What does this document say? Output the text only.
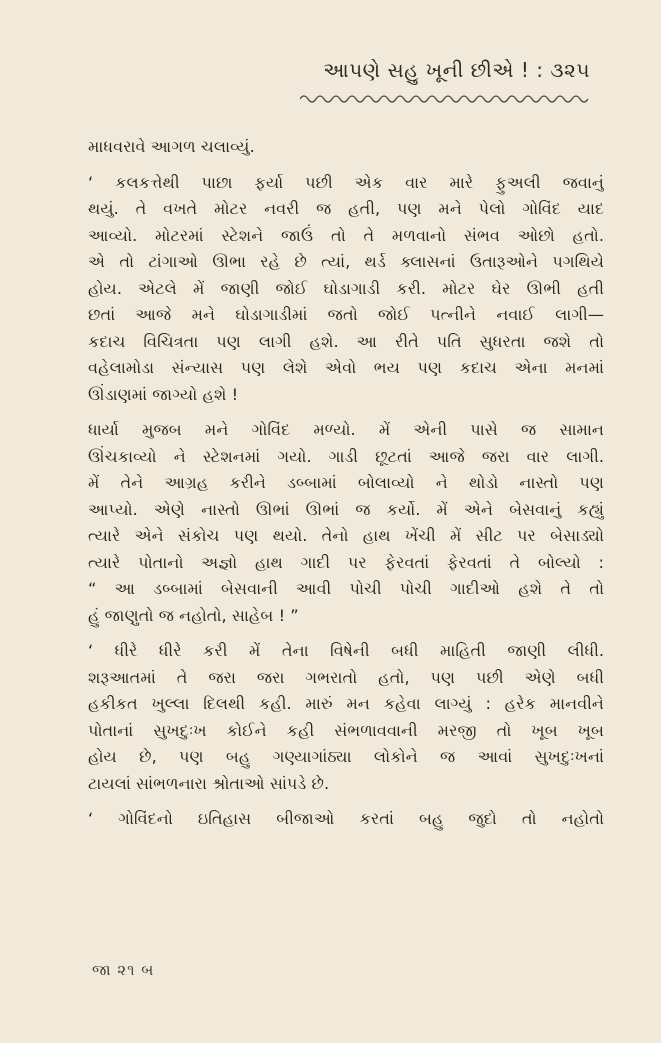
આપણે સહુ ખૂની છીએ ! : ૩૨૫
માધવરાવે આગળ ચલાવ્યું.
‘ કલકત્તેથી પાછા ફર્યા પછી એક વાર મારે ફુઅલી જવાનું
થયું. તે વખતે મોટર નવરી જ હતી, પણ મને પેલો ગોવિંદ યાદ
આવ્યો. મોટરમાં સ્ટેશને જાઉં તો તે મળવાનો સંભવ ઓછો હતો.
એ તો ટાંગાઓ ઊભા રહે છે ત્યાં, થર્ડ ક્લાસનાં ઉતારૂઓને પગથિયે
હોય. એટલે મેં જાણી જોઈ ઘોડાગાડી કરી. મોટર ઘેર ઊભી હતી
છતાં આજે મને ઘોડાગાડીમાં જતો જોઈ પત્નીને નવાઈ લાગી—
કદાચ વિચિત્રતા પણ લાગી હશે. આ રીતે પતિ સુધરતા જશે તો
વહેલામોડા સંન્યાસ પણ લેશે એવો ભય પણ કદાચ એના મનમાં
ઊંડાણમાં જાગ્યો હશે !
ધાર્યા મુજબ મને ગોવિંદ મળ્યો. મેં એની પાસે જ સામાન
ઊંચકાવ્યો ને સ્ટેશનમાં ગયો. ગાડી છૂટતાં આજે જરા વાર લાગી.
મેં તેને આગ્રહ કરીને ડબ્બામાં બોલાવ્યો ને થોડો નાસ્તો પણ
આપ્યો. એણે નાસ્તો ઊભાં ઊભાં જ કર્યો. મેં એને બેસવાનું કહ્યું
ત્યારે એને સંકોચ પણ થયો. તેનો હાથ ખેંચી મેં સીટ પર બેસાડ્યો
ત્યારે પોતાનો અજ્ઞો હાથ ગાદી પર ફેરવતાં ફેરવતાં તે બોલ્યો :
“ આ ડબ્બામાં બેસવાની આવી પોચી પોચી ગાદીઓ હશે તે તો
હું જાણુતો જ નહોતો, સાહેબ ! ”
‘ ધીરે ધીરે કરી મેં તેના વિષેની બધી માહિતી જાણી લીધી.
શરૂઆતમાં તે જરા જરા ગભરાતો હતો, પણ પછી એણે બધી
હકીકત ખુલ્લા દિલથી કહી. મારું મન કહેવા લાગ્યું : હરેક માનવીને
પોતાનાં સુખદુઃખ કોઈને કહી સંભળાવવાની મરજી તો ખૂબ ખૂબ
હોય છે, પણ બહુ ગણ્યાગાંઠ્યા લોકોને જ આવાં સુખદુઃખનાં
ટાયલાં સાંભળનારા શ્રોતાઓ સાંપડે છે.
‘ ગોવિંદનો ઇતિહાસ બીજાઓ કરતાં બહુ જુદો તો નહોતો
જા ૨૧ બ
